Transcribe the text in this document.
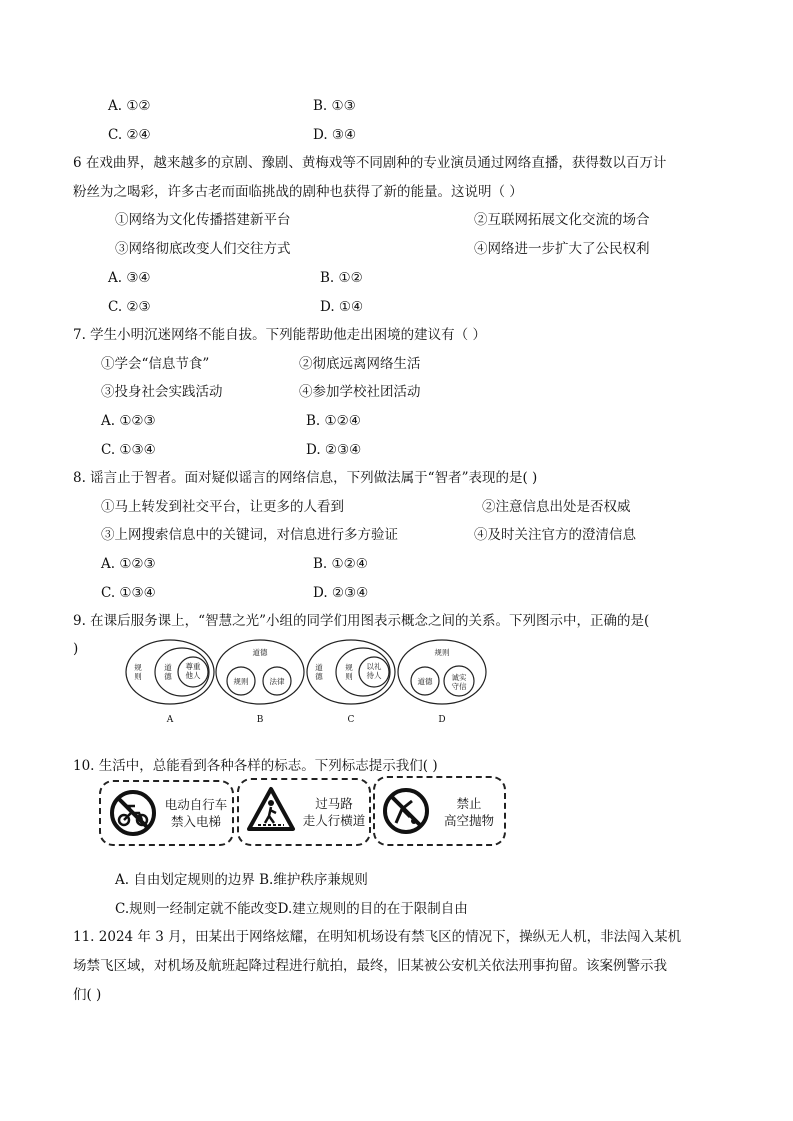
A. ①②	B. ①③
C. ②④	D. ③④
6 在戏曲界，越来越多的京剧、豫剧、黄梅戏等不同剧种的专业演员通过网络直播，获得数以百万计
粉丝为之喝彩，许多古老而面临挑战的剧种也获得了新的能量。这说明（ ）
①网络为文化传播搭建新平台	②互联网拓展文化交流的场合
③网络彻底改变人们交往方式	④网络进一步扩大了公民权利
A. ③④	B. ①②
C. ②③	D. ①④
7. 学生小明沉迷网络不能自拔。下列能帮助他走出困境的建议有（ ）
①学会“信息节食”	②彻底远离网络生活
③投身社会实践活动	④参加学校社团活动
A. ①②③	B. ①②④
C. ①③④	D. ②③④
8. 谣言止于智者。面对疑似谣言的网络信息，下列做法属于“智者”表现的是( )
①马上转发到社交平台，让更多的人看到	②注意信息出处是否权威
③上网搜索信息中的关键词，对信息进行多方验证	④及时关注官方的澄清信息
A. ①②③	B. ①②④
C. ①③④	D. ②③④
9. 在课后服务课上，“智慧之光”小组的同学们用图表示概念之间的关系。下列图示中，正确的是(
)
规
则
道
德
尊重
他人
A
道德
规则	法律
B
道
德
规
则
以礼
待人
C
规则
道德	诚实
守信
D
10. 生活中，总能看到各种各样的标志。下列标志提示我们( )
电动自行车
禁入电梯
过马路
走人行横道
禁止
高空抛物
A. 自由划定规则的边界 B.维护秩序兼规则
C.规则一经制定就不能改变D.建立规则的目的在于限制自由
11. 2024 年 3 月，田某出于网络炫耀，在明知机场设有禁飞区的情况下，操纵无人机，非法闯入某机
场禁飞区域，对机场及航班起降过程进行航拍，最终，旧某被公安机关依法刑事拘留。该案例警示我
们( )
